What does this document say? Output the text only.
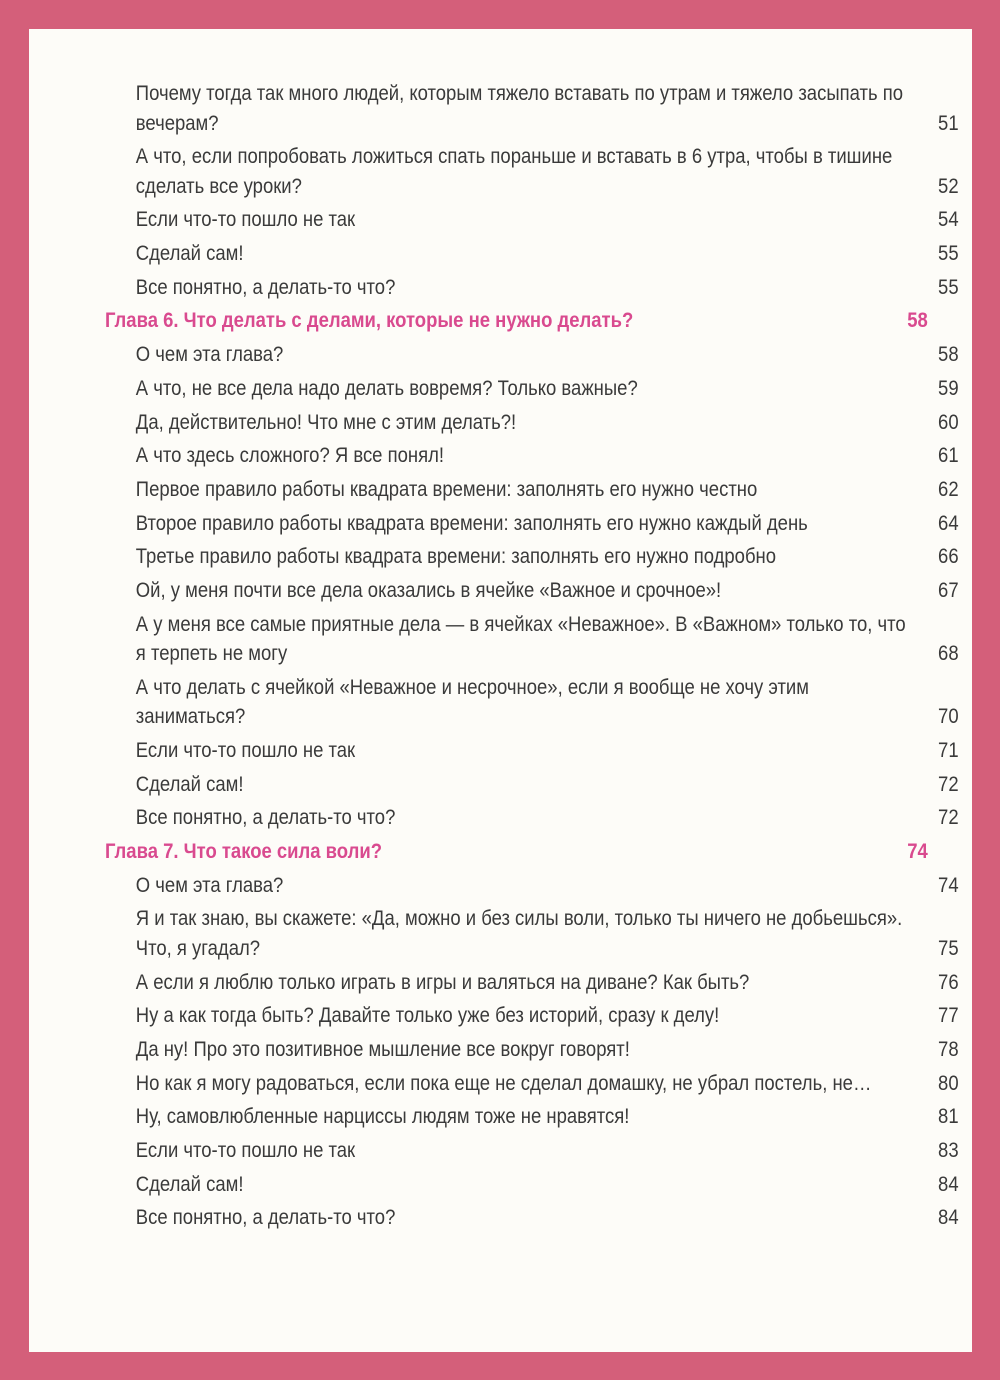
Почему тогда так много людей, которым тяжело вставать по утрам и тяжело засыпать по вечерам?	51
А что, если попробовать ложиться спать пораньше и вставать в 6 утра, чтобы в тишине сделать все уроки?	52
Если что-то пошло не так	54
Сделай сам!	55
Все понятно, а делать-то что?	55
Глава 6. Что делать с делами, которые не нужно делать?	58
О чем эта глава?	58
А что, не все дела надо делать вовремя? Только важные?	59
Да, действительно! Что мне с этим делать?!	60
А что здесь сложного? Я все понял!	61
Первое правило работы квадрата времени: заполнять его нужно честно	62
Второе правило работы квадрата времени: заполнять его нужно каждый день	64
Третье правило работы квадрата времени: заполнять его нужно подробно	66
Ой, у меня почти все дела оказались в ячейке «Важное и срочное»!	67
А у меня все самые приятные дела — в ячейках «Неважное». В «Важном» только то, что я терпеть не могу	68
А что делать с ячейкой «Неважное и несрочное», если я вообще не хочу этим заниматься?	70
Если что-то пошло не так	71
Сделай сам!	72
Все понятно, а делать-то что?	72
Глава 7. Что такое сила воли?	74
О чем эта глава?	74
Я и так знаю, вы скажете: «Да, можно и без силы воли, только ты ничего не добьешься». Что, я угадал?	75
А если я люблю только играть в игры и валяться на диване? Как быть?	76
Ну а как тогда быть? Давайте только уже без историй, сразу к делу!	77
Да ну! Про это позитивное мышление все вокруг говорят!	78
Но как я могу радоваться, если пока еще не сделал домашку, не убрал постель, не…	80
Ну, самовлюбленные нарциссы людям тоже не нравятся!	81
Если что-то пошло не так	83
Сделай сам!	84
Все понятно, а делать-то что?	84
